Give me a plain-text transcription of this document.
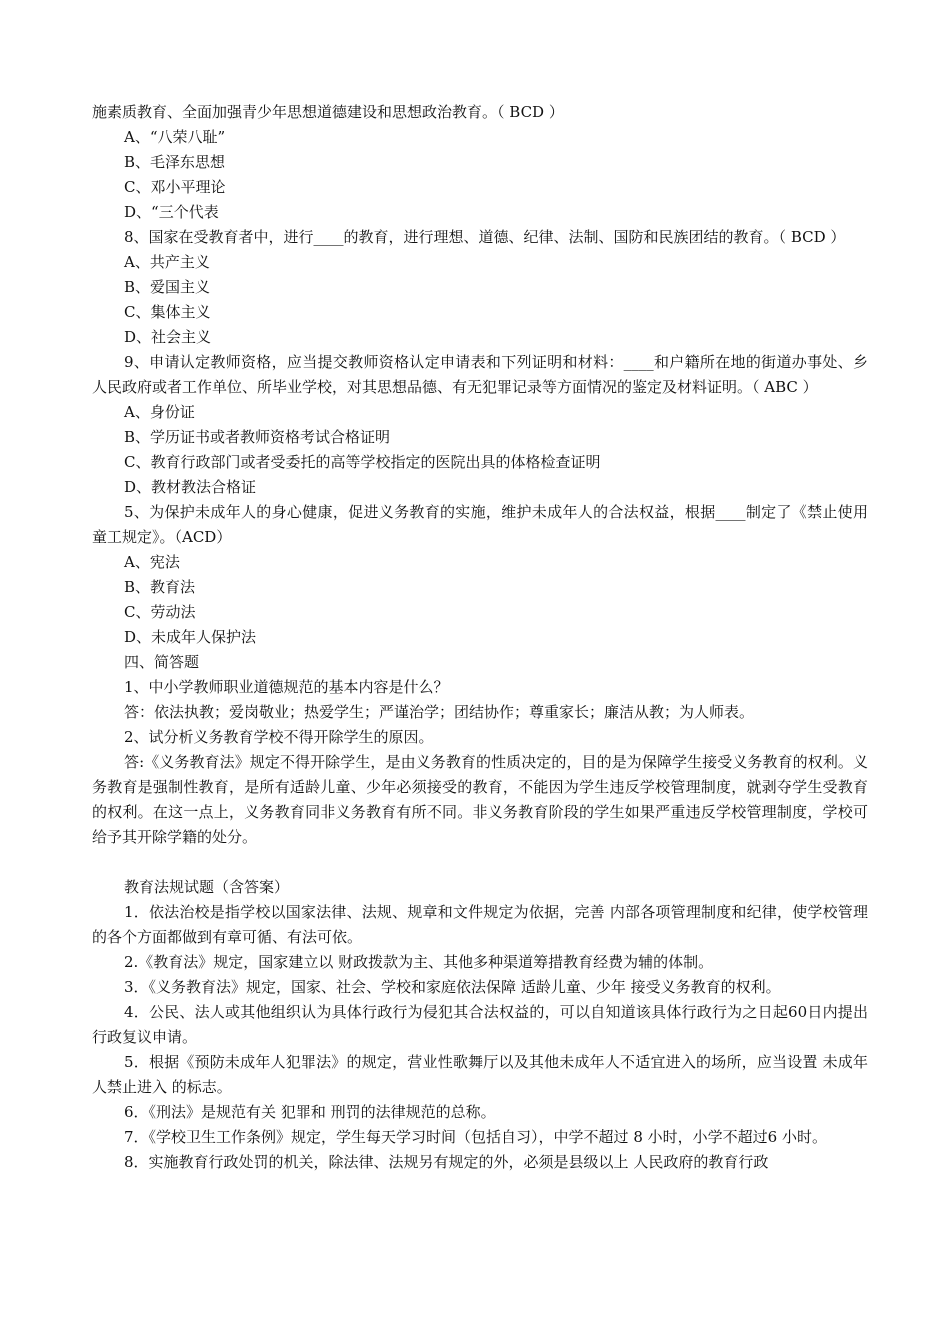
施素质教育、全面加强青少年思想道德建设和思想政治教育。（ BCD ）

A、“八荣八耻”

B、毛泽东思想

C、邓小平理论

D、“三个代表

8、国家在受教育者中，进行____的教育，进行理想、道德、纪律、法制、国防和民族团结的教育。（ BCD ）

A、共产主义

B、爱国主义

C、集体主义

D、社会主义

9、申请认定教师资格，应当提交教师资格认定申请表和下列证明和材料：____和户籍所在地的街道办事处、乡人民政府或者工作单位、所毕业学校，对其思想品德、有无犯罪记录等方面情况的鉴定及材料证明。（ ABC ）

A、身份证

B、学历证书或者教师资格考试合格证明

C、教育行政部门或者受委托的高等学校指定的医院出具的体格检查证明

D、教材教法合格证

5、为保护未成年人的身心健康，促进义务教育的实施，维护未成年人的合法权益，根据____制定了《禁止使用童工规定》。（ACD）

A、宪法

B、教育法

C、劳动法

D、未成年人保护法

四、简答题

1、中小学教师职业道德规范的基本内容是什么？

答：依法执教；爱岗敬业；热爱学生；严谨治学；团结协作；尊重家长；廉洁从教；为人师表。

2、试分析义务教育学校不得开除学生的原因。

答:《义务教育法》规定不得开除学生，是由义务教育的性质决定的，目的是为保障学生接受义务教育的权利。义务教育是强制性教育，是所有适龄儿童、少年必须接受的教育，不能因为学生违反学校管理制度，就剥夺学生受教育的权利。在这一点上，义务教育同非义务教育有所不同。非义务教育阶段的学生如果严重违反学校管理制度，学校可给予其开除学籍的处分。

教育法规试题（含答案）

1．依法治校是指学校以国家法律、法规、规章和文件规定为依据，完善 内部各项管理制度和纪律，使学校管理的各个方面都做到有章可循、有法可依。

2.《教育法》规定，国家建立以 财政拨款为主、其他多种渠道筹措教育经费为辅的体制。

3．《义务教育法》规定，国家、社会、学校和家庭依法保障 适龄儿童、少年 接受义务教育的权利。

4．公民、法人或其他组织认为具体行政行为侵犯其合法权益的，可以自知道该具体行政行为之日起60日内提出行政复议申请。

5．根据《预防未成年人犯罪法》的规定，营业性歌舞厅以及其他未成年人不适宜进入的场所，应当设置 未成年人禁止进入 的标志。

6．《刑法》是规范有关 犯罪和 刑罚的法律规范的总称。

7．《学校卫生工作条例》规定，学生每天学习时间（包括自习），中学不超过 8 小时，小学不超过6 小时。

8．实施教育行政处罚的机关，除法律、法规另有规定的外，必须是县级以上 人民政府的教育行政
